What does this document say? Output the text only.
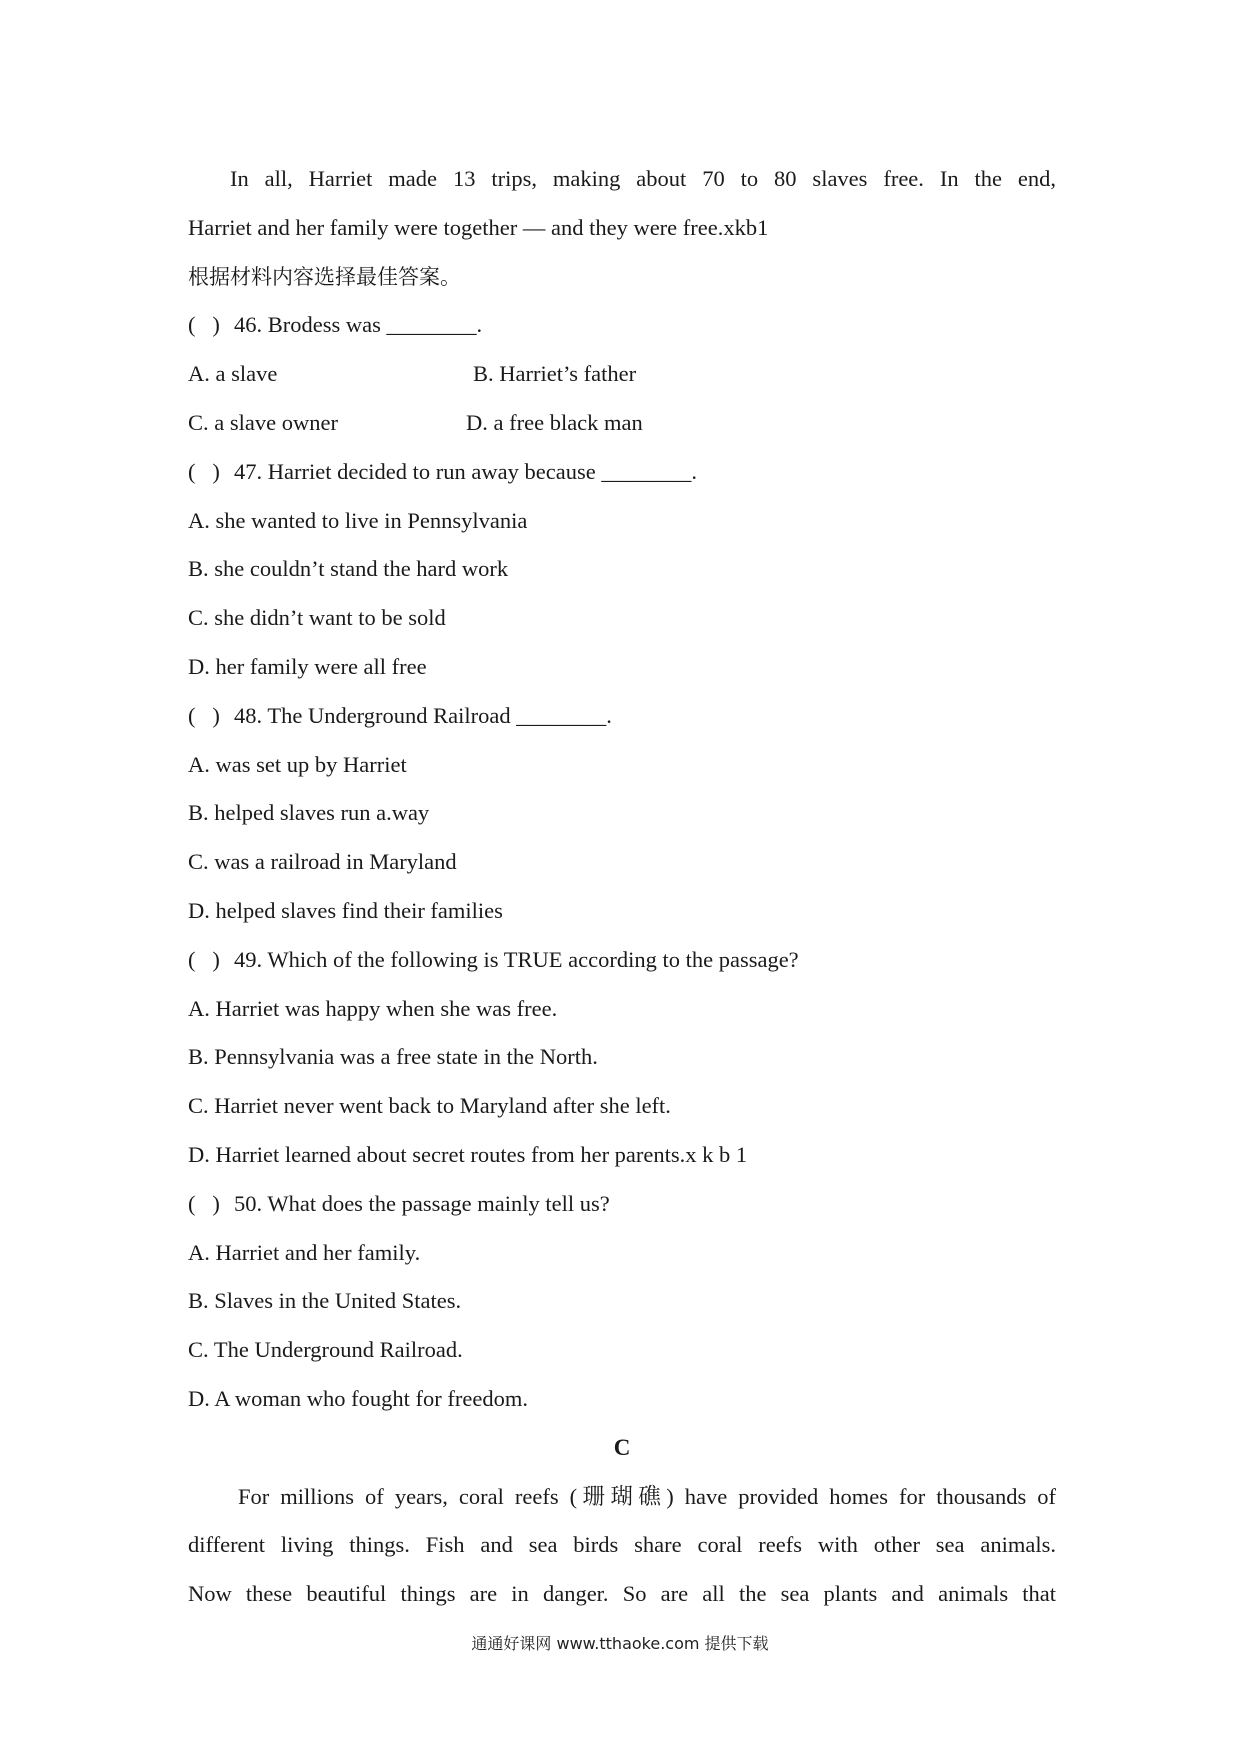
In all, Harriet made 13 trips, making about 70 to 80 slaves free. In the end,
Harriet and her family were together — and they were free.xkb1
根据材料内容选择最佳答案。
( ) 46. Brodess was ________.
A. a slave	B. Harriet’s father
C. a slave owner	D. a free black man
( ) 47. Harriet decided to run away because ________.
A. she wanted to live in Pennsylvania
B. she couldn’t stand the hard work
C. she didn’t want to be sold
D. her family were all free
( ) 48. The Underground Railroad ________.
A. was set up by Harriet
B. helped slaves run a.way
C. was a railroad in Maryland
D. helped slaves find their families
( ) 49. Which of the following is TRUE according to the passage?
A. Harriet was happy when she was free.
B. Pennsylvania was a free state in the North.
C. Harriet never went back to Maryland after she left.
D. Harriet learned about secret routes from her parents.x k b 1
( ) 50. What does the passage mainly tell us?
A. Harriet and her family.
B. Slaves in the United States.
C. The Underground Railroad.
D. A woman who fought for freedom.
C
For millions of years, coral reefs (珊瑚礁) have provided homes for thousands of
different living things. Fish and sea birds share coral reefs with other sea animals.
Now these beautiful things are in danger. So are all the sea plants and animals that
通通好课网 www.tthaoke.com 提供下载
